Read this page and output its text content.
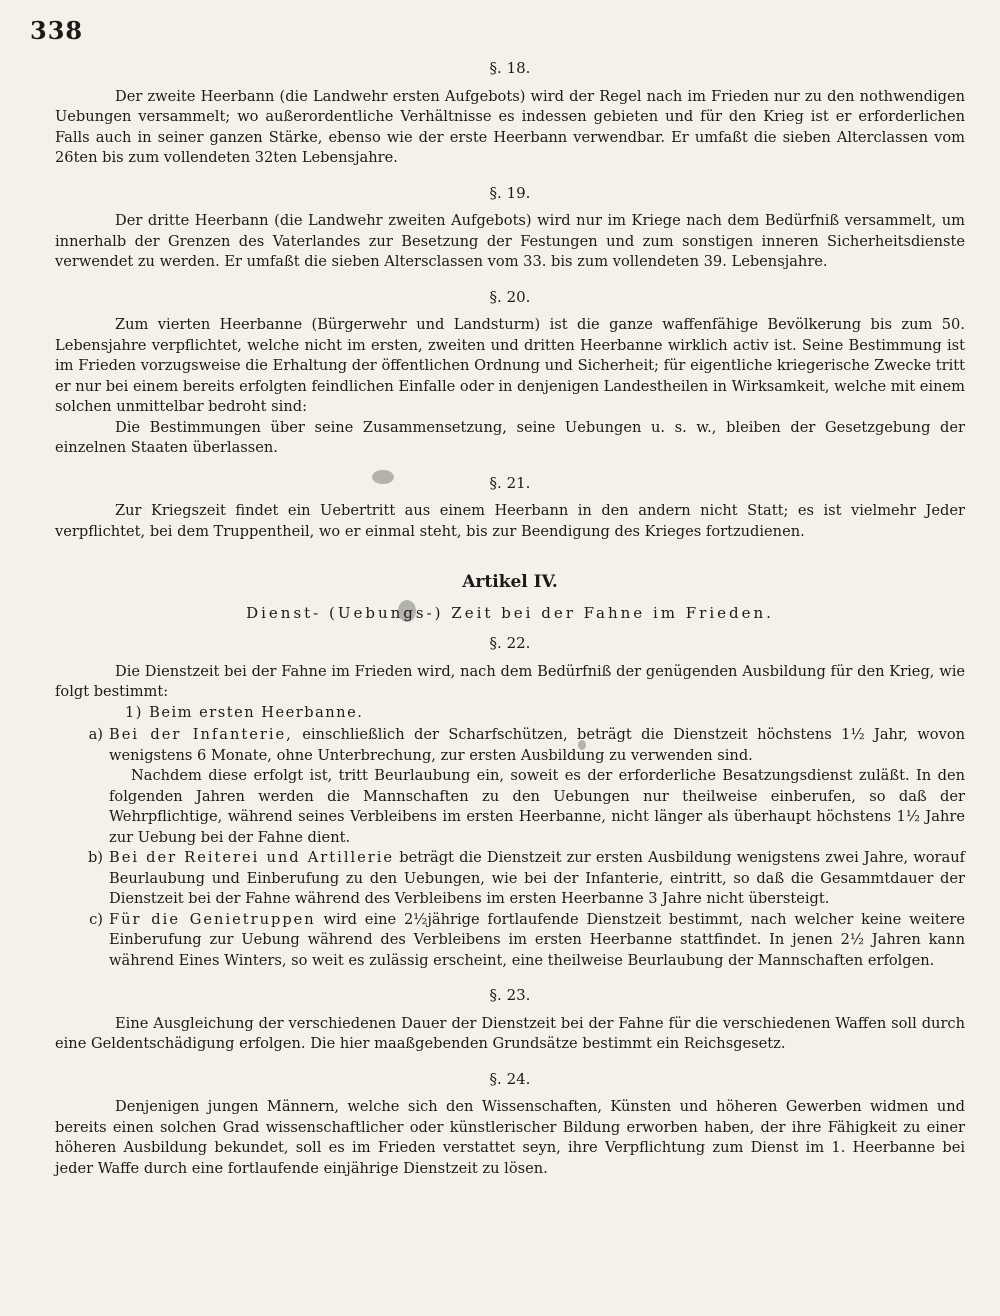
338
§. 18.

Der zweite Heerbann (die Landwehr ersten Aufgebots) wird der Regel nach im Frieden nur zu den nothwendigen Uebungen versammelt; wo außerordentliche Verhältnisse es indessen gebieten und für den Krieg ist er erforderlichen Falls auch in seiner ganzen Stärke, ebenso wie der erste Heerbann verwendbar. Er umfaßt die sieben Alterclassen vom 26ten bis zum vollendeten 32ten Lebensjahre.

§. 19.

Der dritte Heerbann (die Landwehr zweiten Aufgebots) wird nur im Kriege nach dem Bedürfniß versammelt, um innerhalb der Grenzen des Vaterlandes zur Besetzung der Festungen und zum sonstigen inneren Sicherheitsdienste verwendet zu werden. Er umfaßt die sieben Altersclassen vom 33. bis zum vollendeten 39. Lebensjahre.

§. 20.

Zum vierten Heerbanne (Bürgerwehr und Landsturm) ist die ganze waffenfähige Bevölkerung bis zum 50. Lebensjahre verpflichtet, welche nicht im ersten, zweiten und dritten Heerbanne wirklich activ ist. Seine Bestimmung ist im Frieden vorzugsweise die Erhaltung der öffentlichen Ordnung und Sicherheit; für eigentliche kriegerische Zwecke tritt er nur bei einem bereits erfolgten feindlichen Einfalle oder in denjenigen Landestheilen in Wirksamkeit, welche mit einem solchen unmittelbar bedroht sind:

Die Bestimmungen über seine Zusammensetzung, seine Uebungen u. s. w., bleiben der Gesetzgebung der einzelnen Staaten überlassen.

§. 21.

Zur Kriegszeit findet ein Uebertritt aus einem Heerbann in den andern nicht Statt; es ist vielmehr Jeder verpflichtet, bei dem Truppentheil, wo er einmal steht, bis zur Beendigung des Krieges fortzudienen.

Artikel IV.
Dienst- (Uebungs-) Zeit bei der Fahne im Frieden.
§. 22.

Die Dienstzeit bei der Fahne im Frieden wird, nach dem Bedürfniß der genügenden Ausbildung für den Krieg, wie folgt bestimmt:

1) Beim ersten Heerbanne.
a) Bei der Infanterie, einschließlich der Scharfschützen, beträgt die Dienstzeit höchstens 1½ Jahr, wovon wenigstens 6 Monate, ohne Unterbrechung, zur ersten Ausbildung zu verwenden sind.
Nachdem diese erfolgt ist, tritt Beurlaubung ein, soweit es der erforderliche Besatzungsdienst zuläßt. In den folgenden Jahren werden die Mannschaften zu den Uebungen nur theilweise einberufen, so daß der Wehrpflichtige, während seines Verbleibens im ersten Heerbanne, nicht länger als überhaupt höchstens 1½ Jahre zur Uebung bei der Fahne dient.
b) Bei der Reiterei und Artillerie beträgt die Dienstzeit zur ersten Ausbildung wenigstens zwei Jahre, worauf Beurlaubung und Einberufung zu den Uebungen, wie bei der Infanterie, eintritt, so daß die Gesammtdauer der Dienstzeit bei der Fahne während des Verbleibens im ersten Heerbanne 3 Jahre nicht übersteigt.
c) Für die Genietruppen wird eine 2½jährige fortlaufende Dienstzeit bestimmt, nach welcher keine weitere Einberufung zur Uebung während des Verbleibens im ersten Heerbanne stattfindet. In jenen 2½ Jahren kann während Eines Winters, so weit es zulässig erscheint, eine theilweise Beurlaubung der Mannschaften erfolgen.
§. 23.

Eine Ausgleichung der verschiedenen Dauer der Dienstzeit bei der Fahne für die verschiedenen Waffen soll durch eine Geldentschädigung erfolgen. Die hier maaßgebenden Grundsätze bestimmt ein Reichsgesetz.

§. 24.

Denjenigen jungen Männern, welche sich den Wissenschaften, Künsten und höheren Gewerben widmen und bereits einen solchen Grad wissenschaftlicher oder künstlerischer Bildung erworben haben, der ihre Fähigkeit zu einer höheren Ausbildung bekundet, soll es im Frieden verstattet seyn, ihre Verpflichtung zum Dienst im 1. Heerbanne bei jeder Waffe durch eine fortlaufende einjährige Dienstzeit zu lösen.
